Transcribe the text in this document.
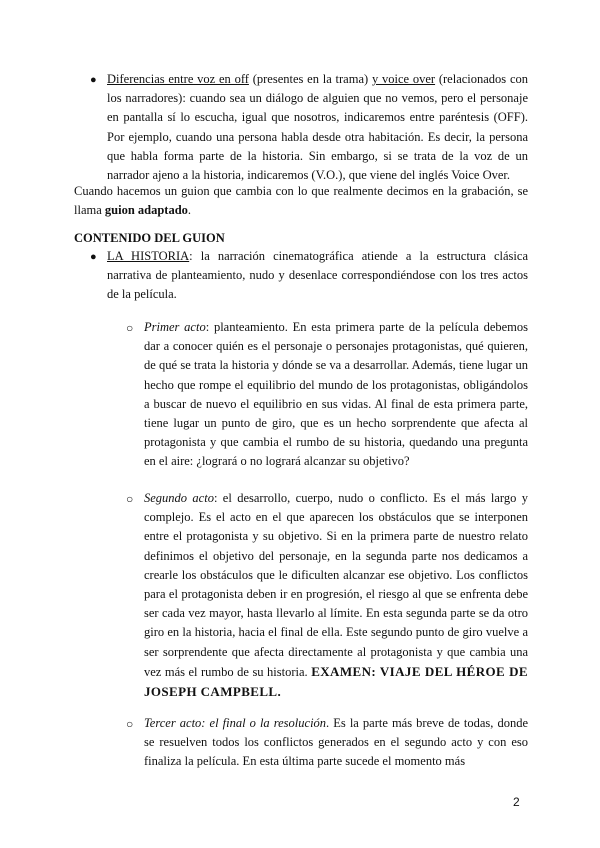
● Diferencias entre voz en off (presentes en la trama) y voice over (relacionados con los narradores): cuando sea un diálogo de alguien que no vemos, pero el personaje en pantalla sí lo escucha, igual que nosotros, indicaremos entre paréntesis (OFF). Por ejemplo, cuando una persona habla desde otra habitación. Es decir, la persona que habla forma parte de la historia. Sin embargo, si se trata de la voz de un narrador ajeno a la historia, indicaremos (V.O.), que viene del inglés Voice Over.

Cuando hacemos un guion que cambia con lo que realmente decimos en la grabación, se llama guion adaptado.

CONTENIDO DEL GUION
● LA HISTORIA: la narración cinematográfica atiende a la estructura clásica narrativa de planteamiento, nudo y desenlace correspondiéndose con los tres actos de la película.

○ Primer acto: planteamiento. En esta primera parte de la película debemos dar a conocer quién es el personaje o personajes protagonistas, qué quieren, de qué se trata la historia y dónde se va a desarrollar. Además, tiene lugar un hecho que rompe el equilibrio del mundo de los protagonistas, obligándolos a buscar de nuevo el equilibrio en sus vidas. Al final de esta primera parte, tiene lugar un punto de giro, que es un hecho sorprendente que afecta al protagonista y que cambia el rumbo de su historia, quedando una pregunta en el aire: ¿logrará o no logrará alcanzar su objetivo?

○ Segundo acto: el desarrollo, cuerpo, nudo o conflicto. Es el más largo y complejo. Es el acto en el que aparecen los obstáculos que se interponen entre el protagonista y su objetivo. Si en la primera parte de nuestro relato definimos el objetivo del personaje, en la segunda parte nos dedicamos a crearle los obstáculos que le dificulten alcanzar ese objetivo. Los conflictos para el protagonista deben ir en progresión, el riesgo al que se enfrenta debe ser cada vez mayor, hasta llevarlo al límite. En esta segunda parte se da otro giro en la historia, hacia el final de ella. Este segundo punto de giro vuelve a ser sorprendente que afecta directamente al protagonista y que cambia una vez más el rumbo de su historia. EXAMEN: VIAJE DEL HÉROE DE JOSEPH CAMPBELL.

○ Tercer acto: el final o la resolución. Es la parte más breve de todas, donde se resuelven todos los conflictos generados en el segundo acto y con eso finaliza la película. En esta última parte sucede el momento más

2
